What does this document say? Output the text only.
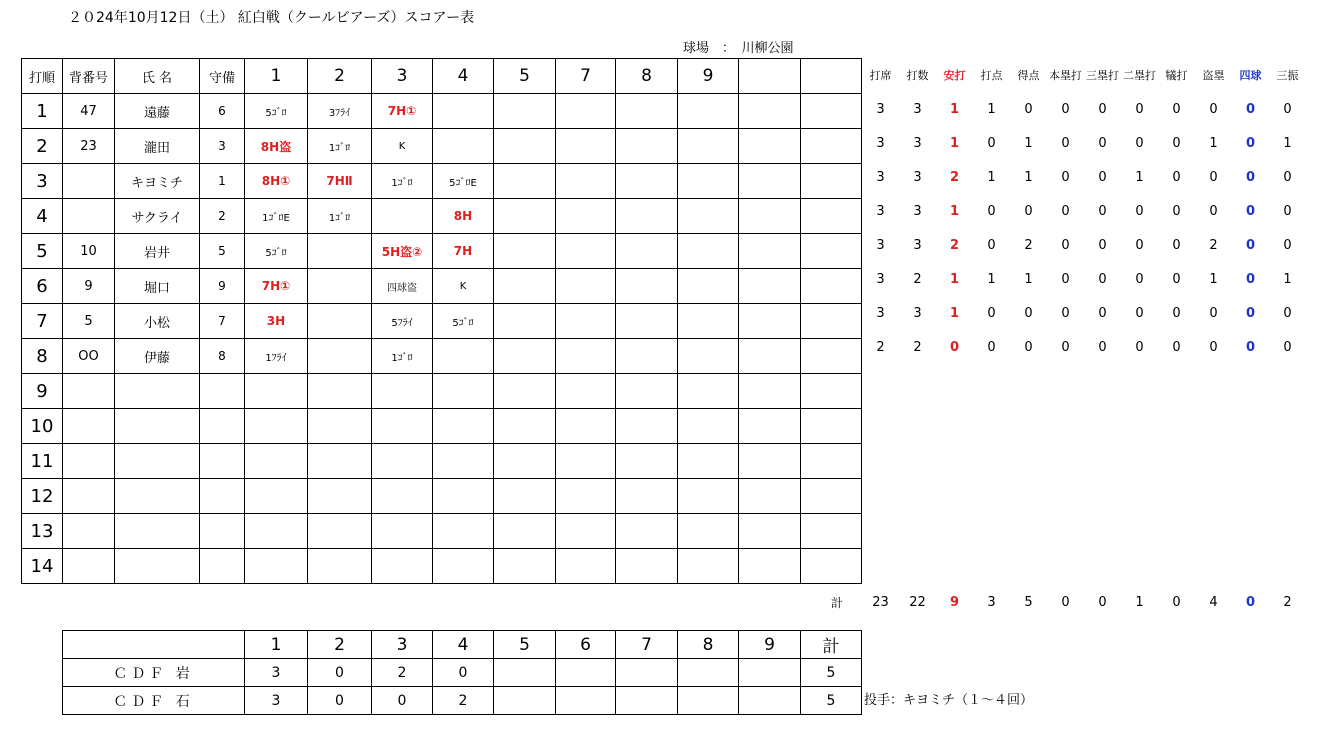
２０24年10月12日（土） 紅白戦（クールビアーズ）スコアー表
球場　：　川柳公園
打順	背番号	氏 名	守備	1	2	3	4	5	7	8	9		
1	47	遠藤	6	5ｺﾞﾛ	3ﾌﾗｲ	7H①							
2	23	瀧田	3	8H盗	1ｺﾞﾛ	K							
3		キヨミチ	1	8H①	7HⅡ	1ｺﾞﾛ	5ｺﾞﾛE						
4		サクライ	2	1ｺﾞﾛE	1ｺﾞﾛ		8H						
5	10	岩井	5	5ｺﾞﾛ		5H盗②	7H						
6	9	堀口	9	7H①		四球盗	K						
7	5	小松	7	3H		5ﾌﾗｲ	5ｺﾞﾛ						
8	OO	伊藤	8	1ﾌﾗｲ		1ｺﾞﾛ							
9													
10													
11													
12													
13													
14													
打席	打数	安打	打点	得点	本塁打	三塁打	二塁打	犠打	盗塁	四球	三振
3	3	1	1	0	0	0	0	0	0	0	0
3	3	1	0	1	0	0	0	0	1	0	1
3	3	2	1	1	0	0	1	0	0	0	0
3	3	1	0	0	0	0	0	0	0	0	0
3	3	2	0	2	0	0	0	0	2	0	0
3	2	1	1	1	0	0	0	0	1	0	1
3	3	1	0	0	0	0	0	0	0	0	0
2	2	0	0	0	0	0	0	0	0	0	0
計	23	22	9	3	5	0	0	1	0	4	0	2
	1	2	3	4	5	6	7	8	9	計
ＣＤＦ 岩	3	0	2	0						5
ＣＤＦ 石	3	0	0	2						5 投手：キヨミチ（１～４回）
